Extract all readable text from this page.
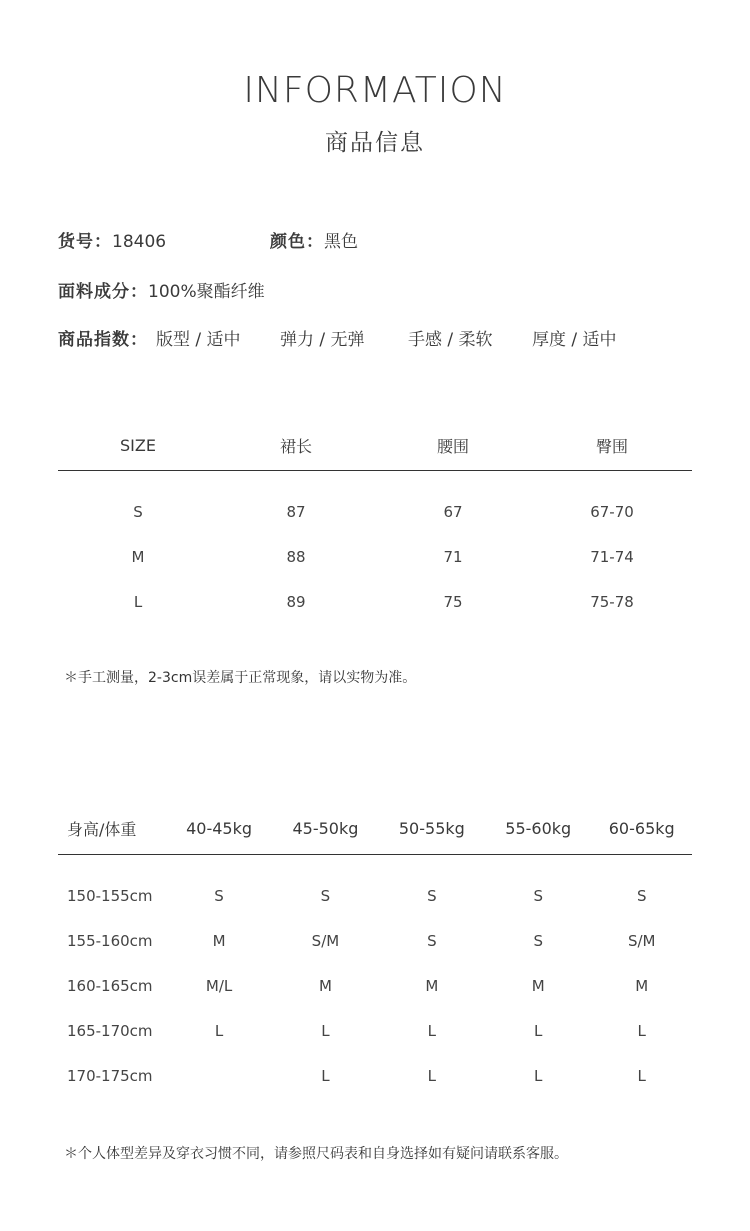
INFORMATION
商品信息
货号：18406	颜色：黑色
面料成分：100%聚酯纤维
商品指数： 版型 / 适中 弹力 / 无弹	手感 / 柔软 厚度 / 适中
SIZE	裙长	腰围	臀围
S	87	67	67-70
M	88	71	71-74
L	89	75	75-78
＊手工测量，2-3cm误差属于正常现象，请以实物为准。
身高/体重	40-45kg	45-50kg	50-55kg	55-60kg	60-65kg
150-155cm	S	S	S	S	S
155-160cm	M	S/M	S	S	S/M
160-165cm	M/L	M	M	M	M
165-170cm	L	L	L	L	L
170-175cm		L	L	L	L
＊个人体型差异及穿衣习惯不同，请参照尺码表和自身选择如有疑问请联系客服。
